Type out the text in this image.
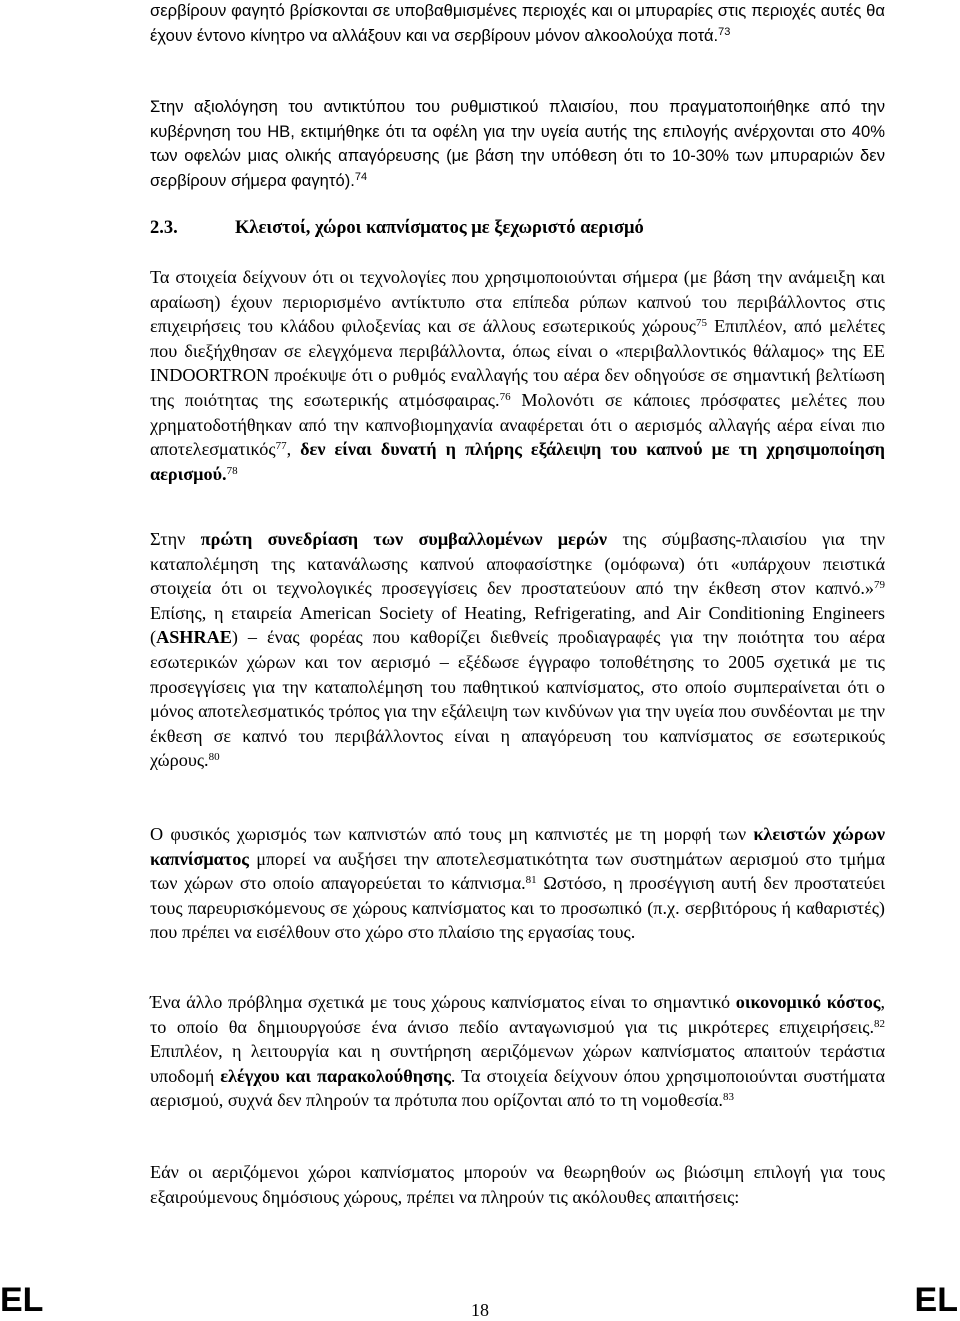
σερβίρουν φαγητό βρίσκονται σε υποβαθμισμένες περιοχές και οι μπυραρίες στις περιοχές αυτές θα έχουν έντονο κίνητρο να αλλάξουν και να σερβίρουν μόνον αλκοολούχα ποτά.$^{73}$
Στην αξιολόγηση του αντικτύπου του ρυθμιστικού πλαισίου, που πραγματοποιήθηκε από την κυβέρνηση του ΗΒ, εκτιμήθηκε ότι τα οφέλη για την υγεία αυτής της επιλογής ανέρχονται στο 40% των οφελών μιας ολικής απαγόρευσης (με βάση την υπόθεση ότι το 10-30% των μπυραριών δεν σερβίρουν σήμερα φαγητό).$^{74}$
2.3.	Κλειστοί, χώροι καπνίσματος με ξεχωριστό αερισμό
Τα στοιχεία δείχνουν ότι οι τεχνολογίες που χρησιμοποιούνται σήμερα (με βάση την ανάμειξη και αραίωση) έχουν περιορισμένο αντίκτυπο στα επίπεδα ρύπων καπνού του περιβάλλοντος στις επιχειρήσεις του κλάδου φιλοξενίας και σε άλλους εσωτερικούς χώρους$^{75}$ Επιπλέον, από μελέτες που διεξήχθησαν σε ελεγχόμενα περιβάλλοντα, όπως είναι ο «περιβαλλοντικός θάλαμος» της ΕΕ INDOORTRON προέκυψε ότι ο ρυθμός εναλλαγής του αέρα δεν οδηγούσε σε σημαντική βελτίωση της ποιότητας της εσωτερικής ατμόσφαιρας.$^{76}$ Μολονότι σε κάποιες πρόσφατες μελέτες που χρηματοδοτήθηκαν από την καπνοβιομηχανία αναφέρεται ότι ο αερισμός αλλαγής αέρα είναι πιο αποτελεσματικός$^{77}$, δεν είναι δυνατή η πλήρης εξάλειψη του καπνού με τη χρησιμοποίηση αερισμού.$^{78}$
Στην πρώτη συνεδρίαση των συμβαλλομένων μερών της σύμβασης-πλαισίου για την καταπολέμηση της κατανάλωσης καπνού αποφασίστηκε (ομόφωνα) ότι «υπάρχουν πειστικά στοιχεία ότι οι τεχνολογικές προσεγγίσεις δεν προστατεύουν από την έκθεση στον καπνό.»$^{79}$ Επίσης, η εταιρεία American Society of Heating, Refrigerating, and Air Conditioning Engineers (ASHRAE) – ένας φορέας που καθορίζει διεθνείς προδιαγραφές για την ποιότητα του αέρα εσωτερικών χώρων και τον αερισμό – εξέδωσε έγγραφο τοποθέτησης το 2005 σχετικά με τις προσεγγίσεις για την καταπολέμηση του παθητικού καπνίσματος, στο οποίο συμπεραίνεται ότι ο μόνος αποτελεσματικός τρόπος για την εξάλειψη των κινδύνων για την υγεία που συνδέονται με την έκθεση σε καπνό του περιβάλλοντος είναι η απαγόρευση του καπνίσματος σε εσωτερικούς χώρους.$^{80}$
Ο φυσικός χωρισμός των καπνιστών από τους μη καπνιστές με τη μορφή των κλειστών χώρων καπνίσματος μπορεί να αυξήσει την αποτελεσματικότητα των συστημάτων αερισμού στο τμήμα των χώρων στο οποίο απαγορεύεται το κάπνισμα.$^{81}$ Ωστόσο, η προσέγγιση αυτή δεν προστατεύει τους παρευρισκόμενους σε χώρους καπνίσματος και το προσωπικό (π.χ. σερβιτόρους ή καθαριστές) που πρέπει να εισέλθουν στο χώρο στο πλαίσιο της εργασίας τους.
Ένα άλλο πρόβλημα σχετικά με τους χώρους καπνίσματος είναι το σημαντικό οικονομικό κόστος, το οποίο θα δημιουργούσε ένα άνισο πεδίο ανταγωνισμού για τις μικρότερες επιχειρήσεις.$^{82}$ Επιπλέον, η λειτουργία και η συντήρηση αεριζόμενων χώρων καπνίσματος απαιτούν τεράστια υποδομή ελέγχου και παρακολούθησης. Τα στοιχεία δείχνουν όπου χρησιμοποιούνται συστήματα αερισμού, συχνά δεν πληρούν τα πρότυπα που ορίζονται από το τη νομοθεσία.$^{83}$
Εάν οι αεριζόμενοι χώροι καπνίσματος μπορούν να θεωρηθούν ως βιώσιμη επιλογή για τους εξαιρούμενους δημόσιους χώρους, πρέπει να πληρούν τις ακόλουθες απαιτήσεις:
EL	18	EL
